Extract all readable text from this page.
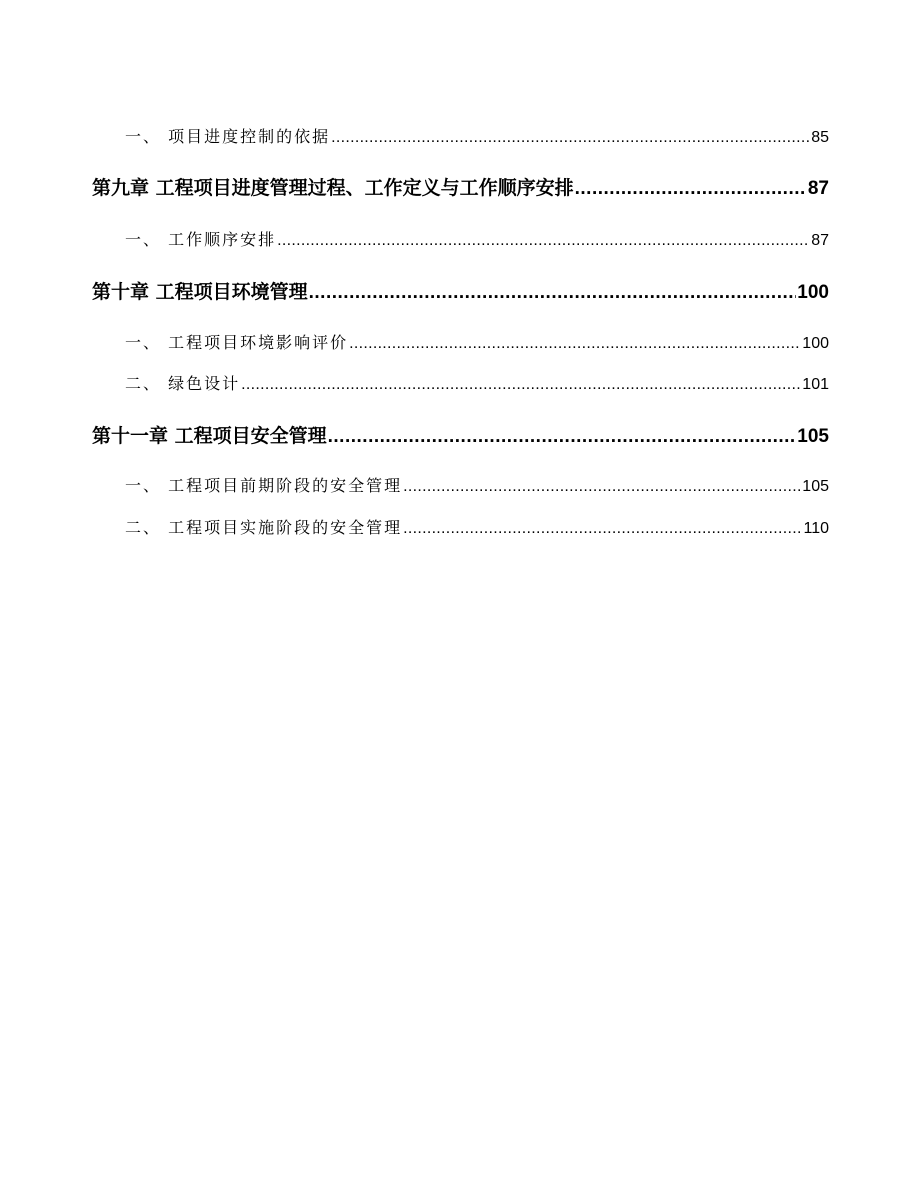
一、 项目进度控制的依据 .....	85
第九章 工程项目进度管理过程、工作定义与工作顺序安排 .....	87
一、 工作顺序安排 .....	87
第十章 工程项目环境管理 .....	100
一、 工程项目环境影响评价 .....	100
二、 绿色设计 .....	101
第十一章 工程项目安全管理 .....	105
一、 工程项目前期阶段的安全管理 .....	105
二、 工程项目实施阶段的安全管理 .....	110
